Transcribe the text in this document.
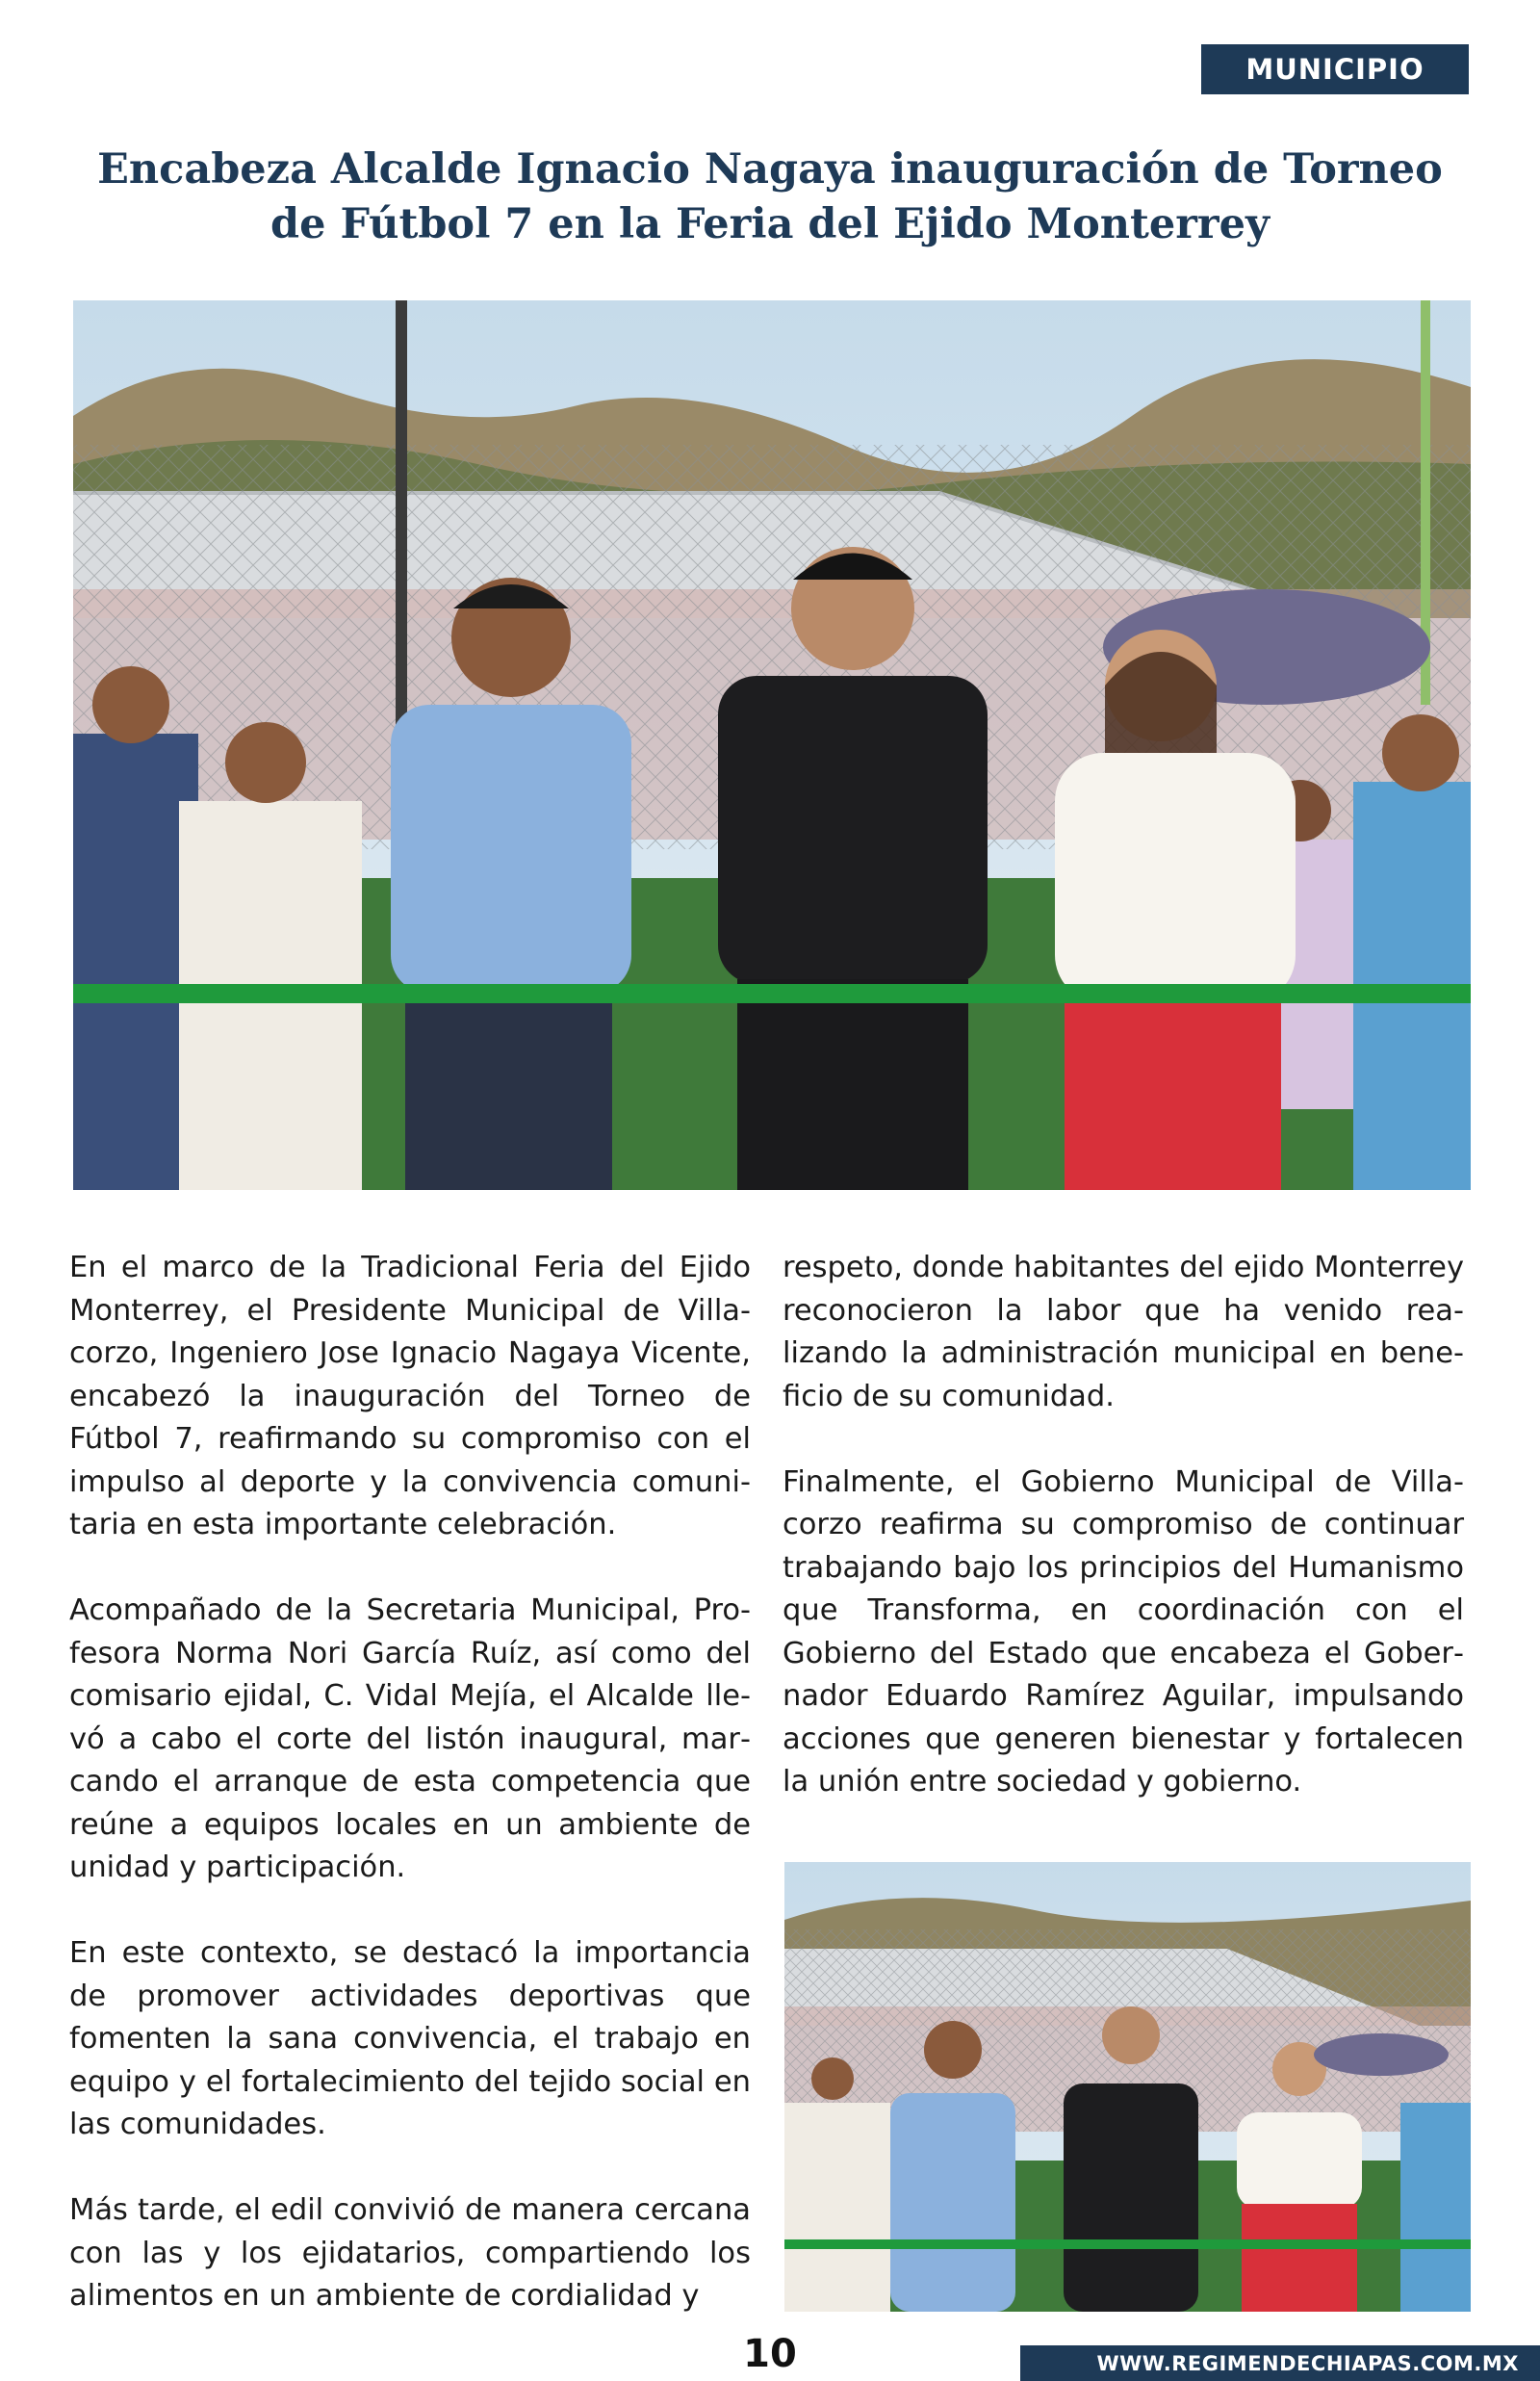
MUNICIPIO
Encabeza Alcalde Ignacio Nagaya inauguración de Torneo de Fútbol 7 en la Feria del Ejido Monterrey

En el marco de la Tradicional Feria del Ejido Monterrey, el Presidente Municipal de Villacorzo, Ingeniero Jose Ignacio Nagaya Vicente, encabezó la inauguración del Torneo de Fútbol 7, reafirmando su compromiso con el impulso al deporte y la convivencia comunitaria en esta importante celebración.

Acompañado de la Secretaria Municipal, Profesora Norma Nori García Ruíz, así como del comisario ejidal, C. Vidal Mejía, el Alcalde llevó a cabo el corte del listón inaugural, marcando el arranque de esta competencia que reúne a equipos locales en un ambiente de unidad y participación.

En este contexto, se destacó la importancia de promover actividades deportivas que fomenten la sana convivencia, el trabajo en equipo y el fortalecimiento del tejido social en las comunidades.

Más tarde, el edil convivió de manera cercana con las y los ejidatarios, compartiendo los alimentos en un ambiente de cordialidad y

respeto, donde habitantes del ejido Monterrey reconocieron la labor que ha venido realizando la administración municipal en beneficio de su comunidad.

Finalmente, el Gobierno Municipal de Villacorzo reafirma su compromiso de continuar trabajando bajo los principios del Humanismo que Transforma, en coordinación con el Gobierno del Estado que encabeza el Gobernador Eduardo Ramírez Aguilar, impulsando acciones que generen bienestar y fortalecen la unión entre sociedad y gobierno.

10	WWW.REGIMENDECHIAPAS.COM.MX
